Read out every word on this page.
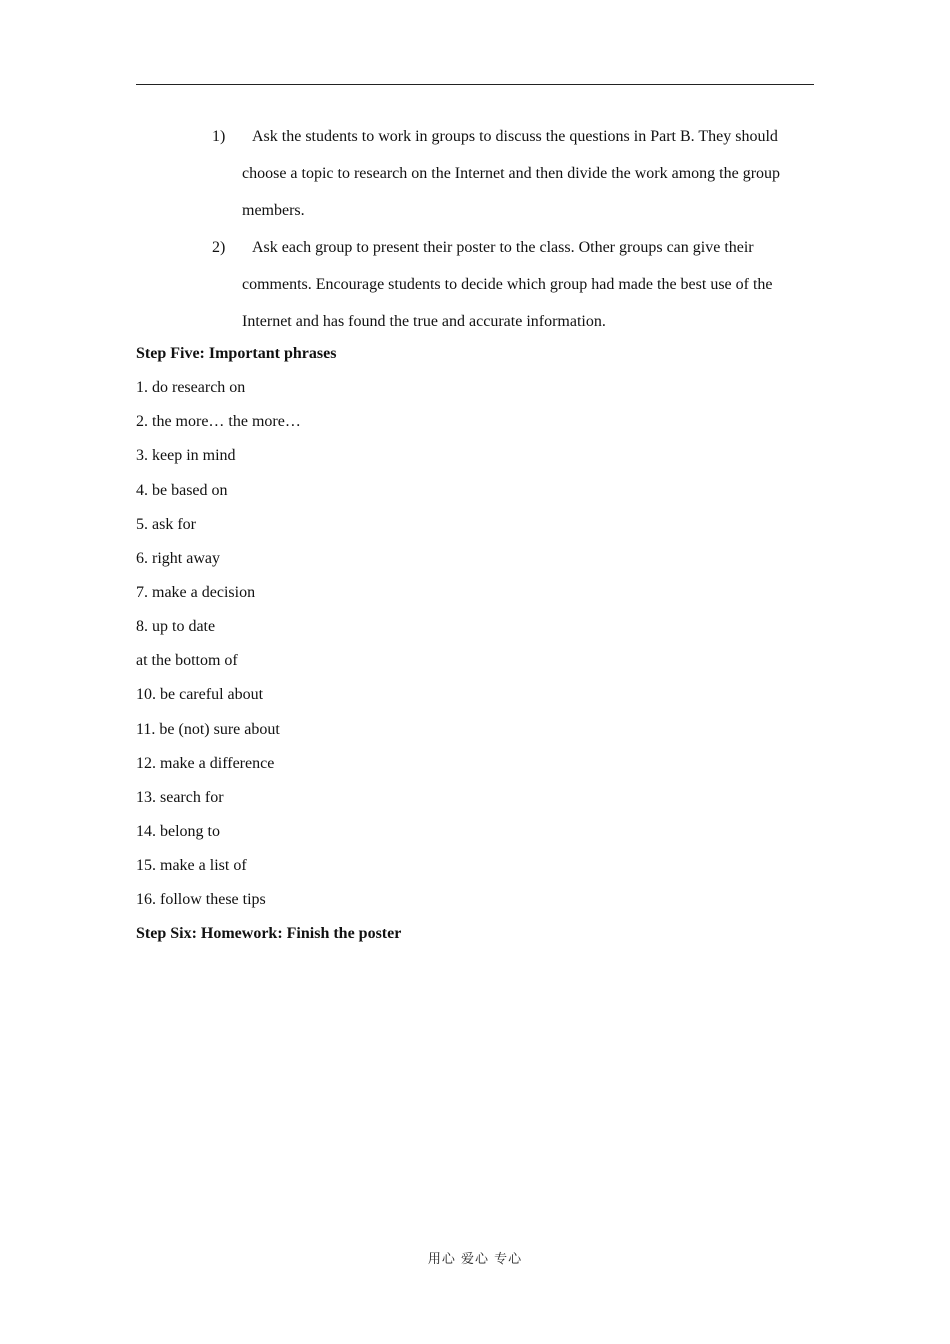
1)	Ask the students to work in groups to discuss the questions in Part B. They should choose a topic to research on the Internet and then divide the work among the group members.
2)	Ask each group to present their poster to the class. Other groups can give their comments. Encourage students to decide which group had made the best use of the Internet and has found the true and accurate information.
Step Five: Important phrases
1. do research on
2. the more… the more…
3. keep in mind
4. be based on
5. ask for
6. right away
7. make a decision
8. up to date
at the bottom of
10. be careful about
11. be (not) sure about
12. make a difference
13. search for
14. belong to
15. make a list of
16. follow these tips
Step Six: Homework: Finish the poster
用心 爱心 专心
